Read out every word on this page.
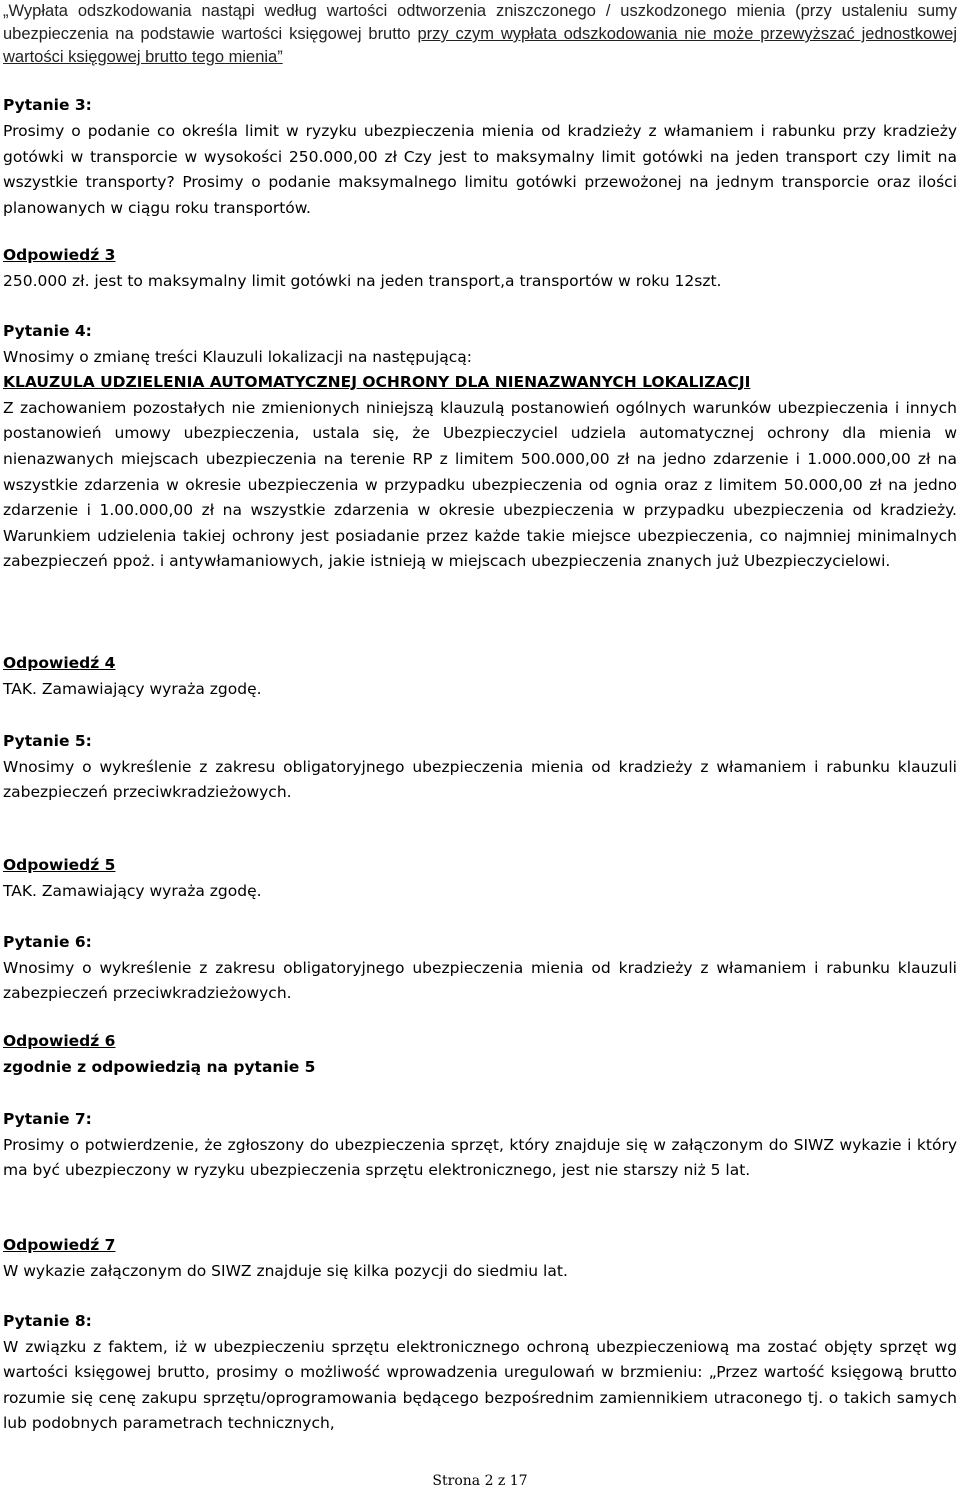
„Wypłata odszkodowania nastąpi według wartości odtworzenia zniszczonego / uszkodzonego mienia (przy ustaleniu sumy ubezpieczenia na podstawie wartości księgowej brutto przy czym wypłata odszkodowania nie może przewyższać jednostkowej wartości księgowej brutto tego mienia”

Pytanie 3:

Prosimy o podanie co określa limit w ryzyku ubezpieczenia mienia od kradzieży z włamaniem i rabunku przy kradzieży gotówki w transporcie w wysokości 250.000,00 zł Czy jest to maksymalny limit gotówki na jeden transport czy limit na wszystkie transporty? Prosimy o podanie maksymalnego limitu gotówki przewożonej na jednym transporcie oraz ilości planowanych w ciągu roku transportów.

Odpowiedź 3

250.000 zł. jest to maksymalny limit gotówki na jeden transport,a transportów w roku 12szt.

Pytanie 4:

Wnosimy o zmianę treści Klauzuli lokalizacji na następującą:

KLAUZULA UDZIELENIA AUTOMATYCZNEJ OCHRONY DLA NIENAZWANYCH LOKALIZACJI

Z zachowaniem pozostałych nie zmienionych niniejszą klauzulą postanowień ogólnych warunków ubezpieczenia i innych postanowień umowy ubezpieczenia, ustala się, że Ubezpieczyciel udziela automatycznej ochrony dla mienia w nienazwanych miejscach ubezpieczenia na terenie RP z limitem 500.000,00 zł na jedno zdarzenie i 1.000.000,00 zł na wszystkie zdarzenia w okresie ubezpieczenia w przypadku ubezpieczenia od ognia oraz z limitem 50.000,00 zł na jedno zdarzenie i 1.00.000,00 zł na wszystkie zdarzenia w okresie ubezpieczenia w przypadku ubezpieczenia od kradzieży. Warunkiem udzielenia takiej ochrony jest posiadanie przez każde takie miejsce ubezpieczenia, co najmniej minimalnych zabezpieczeń ppoż. i antywłamaniowych, jakie istnieją w miejscach ubezpieczenia znanych już Ubezpieczycielowi.

Odpowiedź 4

TAK. Zamawiający wyraża zgodę.

Pytanie 5:

Wnosimy o wykreślenie z zakresu obligatoryjnego ubezpieczenia mienia od kradzieży z włamaniem i rabunku klauzuli zabezpieczeń przeciwkradzieżowych.

Odpowiedź 5

TAK. Zamawiający wyraża zgodę.

Pytanie 6:

Wnosimy o wykreślenie z zakresu obligatoryjnego ubezpieczenia mienia od kradzieży z włamaniem i rabunku klauzuli zabezpieczeń przeciwkradzieżowych.

Odpowiedź 6

zgodnie z odpowiedzią na pytanie 5

Pytanie 7:

Prosimy o potwierdzenie, że zgłoszony do ubezpieczenia sprzęt, który znajduje się w załączonym do SIWZ wykazie i który ma być ubezpieczony w ryzyku ubezpieczenia sprzętu elektronicznego, jest nie starszy niż 5 lat.

Odpowiedź 7

W wykazie załączonym do SIWZ znajduje się kilka pozycji do siedmiu lat.

Pytanie 8:

W związku z faktem, iż w ubezpieczeniu sprzętu elektronicznego ochroną ubezpieczeniową ma zostać objęty sprzęt wg wartości księgowej brutto, prosimy o możliwość wprowadzenia uregulowań w brzmieniu: „Przez wartość księgową brutto rozumie się cenę zakupu sprzętu/oprogramowania będącego bezpośrednim zamiennikiem utraconego tj. o takich samych lub podobnych parametrach technicznych,

Strona 2 z 17
